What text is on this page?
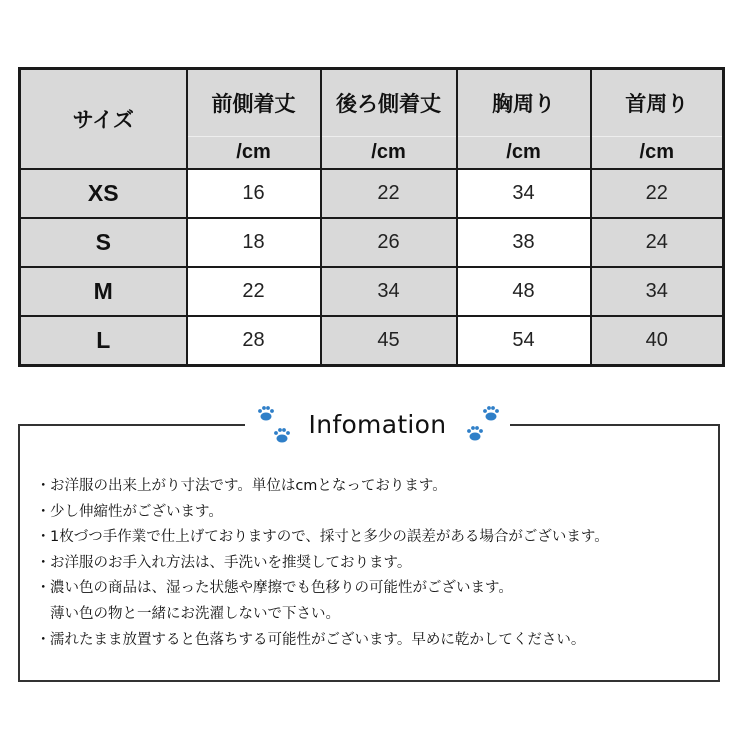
サイズ	前側着丈	後ろ側着丈	胸周り	首周り
	/cm	/cm	/cm	/cm
XS	16	22	34	22
S	18	26	38	24
M	22	34	48	34
L	28	45	54	40
Infomation
・お洋服の出来上がり寸法です。単位はcmとなっております。
・少し伸縮性がございます。
・1枚づつ手作業で仕上げておりますので、採寸と多少の誤差がある場合がございます。
・お洋服のお手入れ方法は、手洗いを推奨しております。
・濃い色の商品は、湿った状態や摩擦でも色移りの可能性がございます。
薄い色の物と一緒にお洗濯しないで下さい。
・濡れたまま放置すると色落ちする可能性がございます。早めに乾かしてください。
